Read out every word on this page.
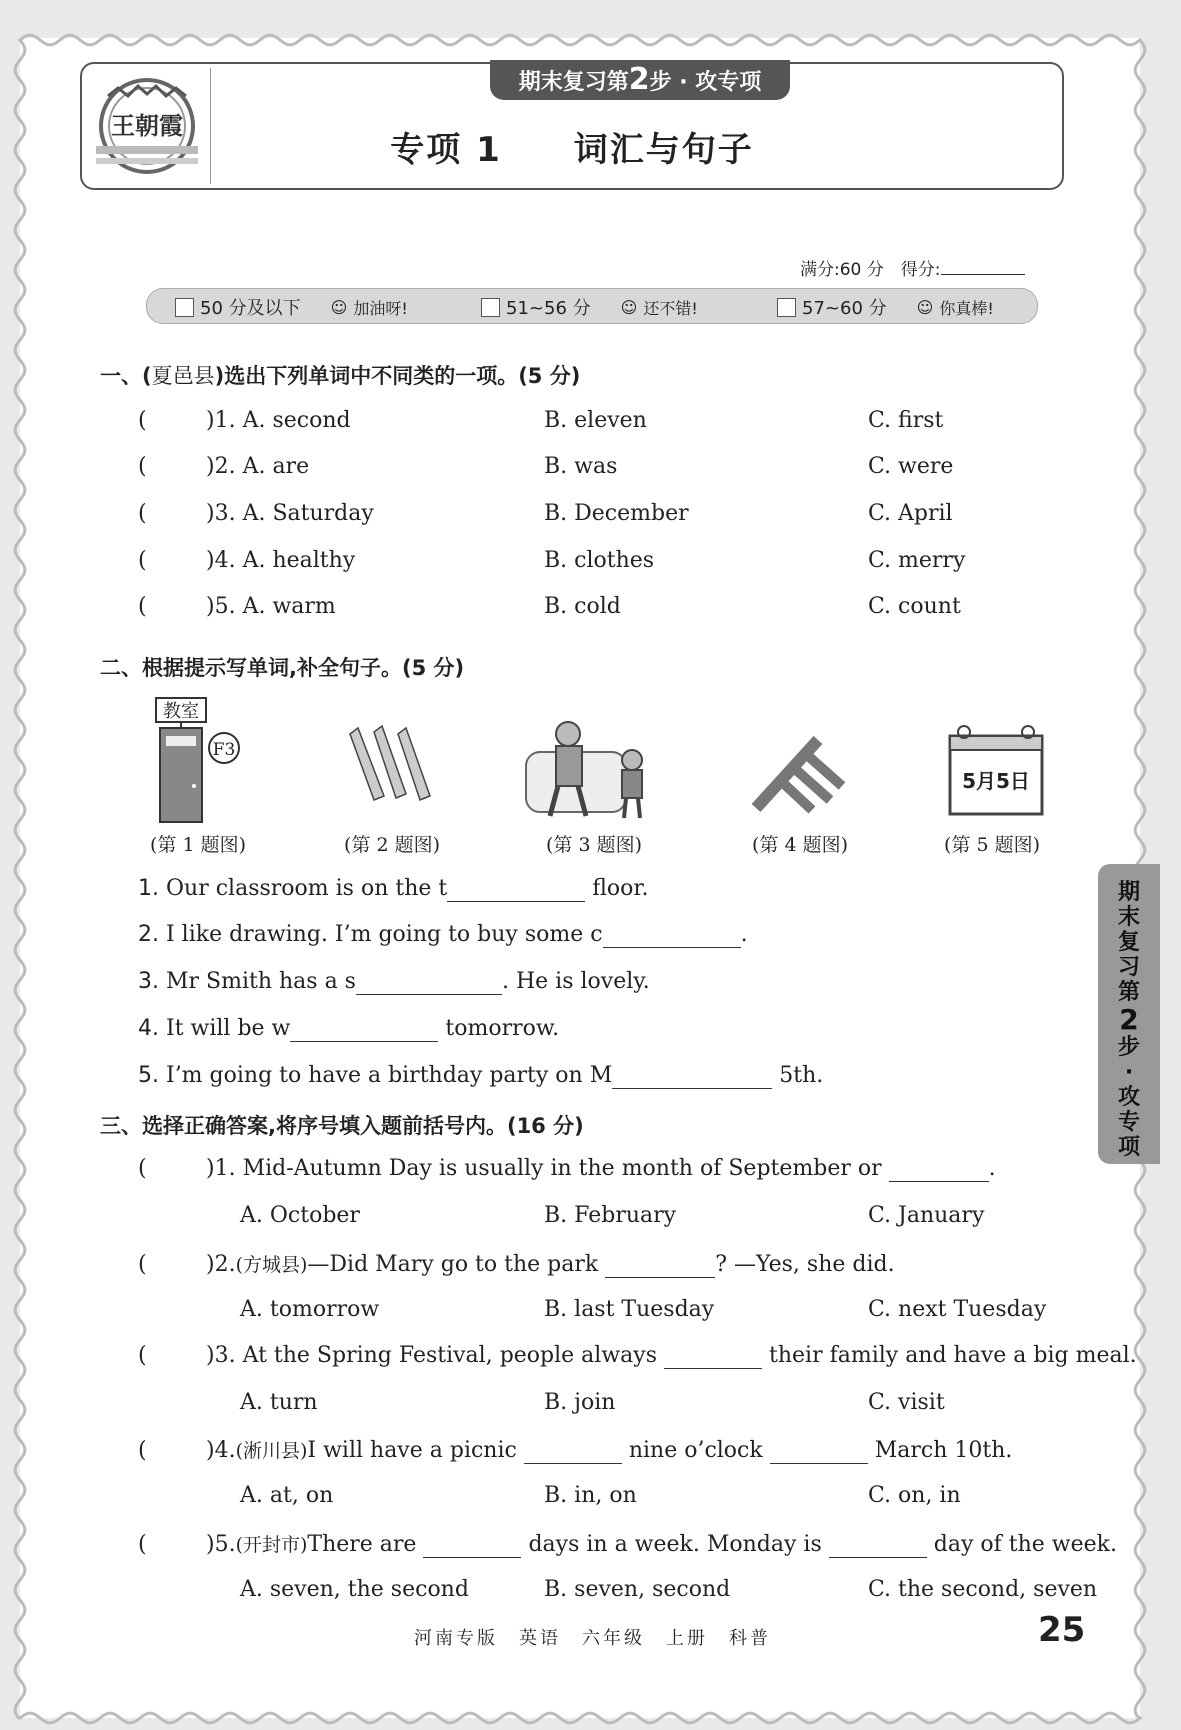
王朝霞
期末复习第2步 · 攻专项
专项 1　　 词汇与句子
满分:60 分　 得分:
50 分及以下
　 ☺ 加油呀!	51~56 分
　 ☺ 还不错!	57~60 分
　 ☺ 你真棒!
一、(夏邑县)选出下列单词中不同类的一项。(5 分)
(	)1. A. second	B. eleven	C. first
(	)2. A. are	B. was	C. were
(	)3. A. Saturday	B. December	C. April
(	)4. A. healthy	B. clothes	C. merry
(	)5. A. warm	B. cold	C. count
二、根据提示写单词,补全句子。(5 分)
教室
F3
5月5日
(第 1 题图)	(第 2 题图)	(第 3 题图)	(第 4 题图)	(第 5 题图)
1. Our classroom is on the t	floor.
2. I like drawing. I’m going to buy some c	.
3. Mr Smith has a s	. He is lovely.
4. It will be w	tomorrow.
5. I’m going to have a birthday party on M	5th.
三、选择正确答案,将序号填入题前括号内。(16 分)
(	)1. Mid-Autumn Day is usually in the month of September or	.
A. October	B. February	C. January
(	)2.(方城县)—Did Mary go to the park	? —Yes, she did.
A. tomorrow	B. last Tuesday	C. next Tuesday
(	)3. At the Spring Festival, people always	their family and have a big meal.
A. turn	B. join	C. visit
(	)4.(淅川县)I will have a picnic	nine o’clock	March 10th.
A. at, on	B. in, on	C. on, in
(	)5.(开封市)There are	days in a week. Monday is	day of the week.
A. seven, the second	B. seven, second	C. the second, seven
期
末
复
习
第
2
步
·
攻
专
项
河南专版　英语　六年级　上册　科普	25
